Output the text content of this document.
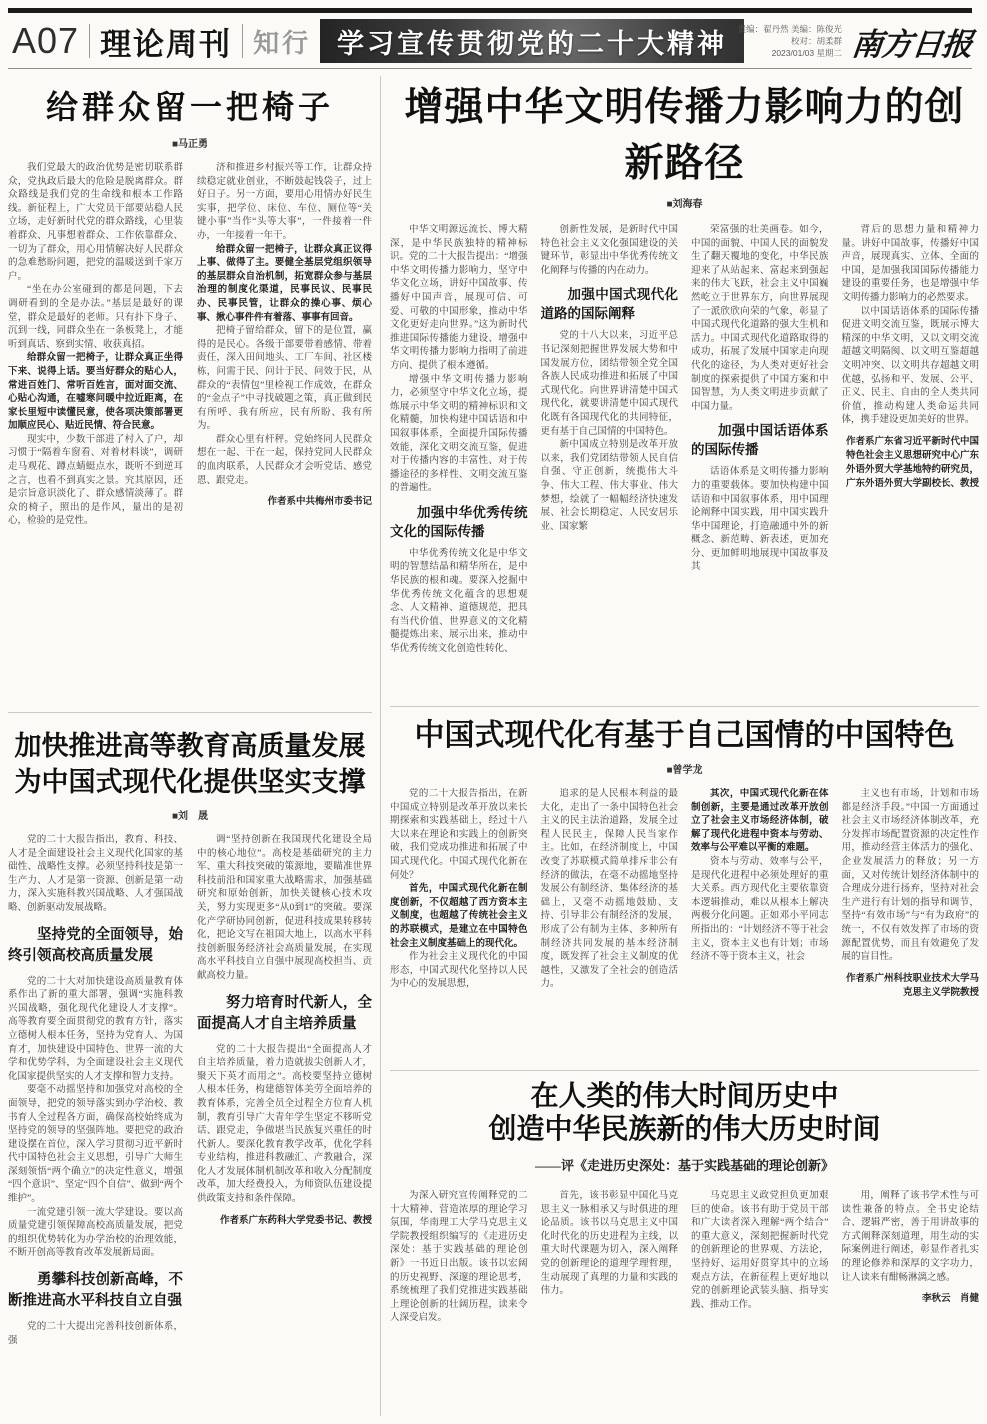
A07 理论周刊 知行 学习宣传贯彻党的二十大精神	责编：翟丹然 美编：陈俊光
校对：胡柔群
2023/01/03 星期二 南方日报
给群众留一把椅子
■马正勇
我们党最大的政治优势是密切联系群众，党执政后最大的危险是脱离群众。群众路线是我们党的生命线和根本工作路线。新征程上，广大党员干部要站稳人民立场，走好新时代党的群众路线，心里装着群众、凡事想着群众、工作依靠群众、一切为了群众，用心用情解决好人民群众的急难愁盼问题，把党的温暖送到千家万户。
“坐在办公室碰到的都是问题，下去调研看到的全是办法。”基层是最好的课堂，群众是最好的老师。只有扑下身子、沉到一线，同群众坐在一条板凳上，才能听到真话、察到实情、收获真招。
给群众留一把椅子，让群众真正坐得下来、说得上话。要当好群众的贴心人，常进百姓门、常听百姓言，面对面交流、心贴心沟通，在嘘寒问暖中拉近距离，在家长里短中读懂民意，使各项决策部署更加顺应民心、贴近民情、符合民意。
现实中，少数干部进了村入了户，却习惯于“隔着车窗看、对着材料谈”，调研走马观花、蹲点蜻蜓点水，既听不到逆耳之言，也看不到真实之景。究其原因，还是宗旨意识淡化了、群众感情淡薄了。群众的椅子，照出的是作风，量出的是初心，检验的是党性。
济和推进乡村振兴等工作，让群众持续稳定就业创业，不断鼓起钱袋子，过上好日子。另一方面，要用心用情办好民生实事，把学位、床位、车位、厕位等“关键小事”当作“头等大事”，一件接着一件办，一年接着一年干。
给群众留一把椅子，让群众真正议得上事、做得了主。要健全基层党组织领导的基层群众自治机制，拓宽群众参与基层治理的制度化渠道，民事民议、民事民办、民事民管，让群众的操心事、烦心事、揪心事件件有着落、事事有回音。
把椅子留给群众，留下的是位置，赢得的是民心。各级干部要带着感情、带着责任，深入田间地头、工厂车间、社区楼栋，问需于民、问计于民、问效于民，从群众的“表情包”里检视工作成效，在群众的“金点子”中寻找破题之策，真正做到民有所呼、我有所应，民有所盼、我有所为。
群众心里有杆秤。党始终同人民群众想在一起、干在一起，保持党同人民群众的血肉联系，人民群众才会听党话、感党恩、跟党走。
作者系中共梅州市委书记
增强中华文明传播力影响力的创新路径
■刘海春
中华文明源远流长、博大精深，是中华民族独特的精神标识。党的二十大报告提出：“增强中华文明传播力影响力，坚守中华文化立场，讲好中国故事、传播好中国声音，展现可信、可爱、可敬的中国形象，推动中华文化更好走向世界。”这为新时代推进国际传播能力建设、增强中华文明传播力影响力指明了前进方向、提供了根本遵循。
增强中华文明传播力影响力，必须坚守中华文化立场，提炼展示中华文明的精神标识和文化精髓，加快构建中国话语和中国叙事体系，全面提升国际传播效能，深化文明交流互鉴，促进对于传播内容的丰富性、对于传播途径的多样性、文明交流互鉴的普遍性。
加强中华优秀传统文化的国际传播
中华优秀传统文化是中华文明的智慧结晶和精华所在，是中华民族的根和魂。要深入挖掘中华优秀传统文化蕴含的思想观念、人文精神、道德规范，把具有当代价值、世界意义的文化精髓提炼出来、展示出来，推动中华优秀传统文化创造性转化、
创新性发展，是新时代中国特色社会主义文化强国建设的关键环节，彰显出中华优秀传统文化阐释与传播的内在动力。
加强中国式现代化道路的国际阐释
党的十八大以来，习近平总书记深刻把握世界发展大势和中国发展方位，团结带领全党全国各族人民成功推进和拓展了中国式现代化。向世界讲清楚中国式现代化，就要讲清楚中国式现代化既有各国现代化的共同特征，更有基于自己国情的中国特色。
新中国成立特别是改革开放以来，我们党团结带领人民自信自强、守正创新，统揽伟大斗争、伟大工程、伟大事业、伟大梦想，绘就了一幅幅经济快速发展、社会长期稳定、人民安居乐业、国家繁
荣富强的壮美画卷。如今，中国的面貌、中国人民的面貌发生了翻天覆地的变化，中华民族迎来了从站起来、富起来到强起来的伟大飞跃，社会主义中国巍然屹立于世界东方，向世界展现了一派欣欣向荣的气象，彰显了中国式现代化道路的强大生机和活力。中国式现代化道路取得的成功，拓展了发展中国家走向现代化的途径，为人类对更好社会制度的探索提供了中国方案和中国智慧，为人类文明进步贡献了中国力量。
加强中国话语体系的国际传播
话语体系是文明传播力影响力的重要载体。要加快构建中国话语和中国叙事体系，用中国理论阐释中国实践，用中国实践升华中国理论，打造融通中外的新概念、新范畴、新表述，更加充分、更加鲜明地展现中国故事及其
背后的思想力量和精神力量。讲好中国故事，传播好中国声音，展现真实、立体、全面的中国，是加强我国国际传播能力建设的重要任务，也是增强中华文明传播力影响力的必然要求。
以中国话语体系的国际传播促进文明交流互鉴，既展示博大精深的中华文明，又以文明交流超越文明隔阂、以文明互鉴超越文明冲突、以文明共存超越文明优越，弘扬和平、发展、公平、正义、民主、自由的全人类共同价值，推动构建人类命运共同体，携手建设更加美好的世界。
作者系广东省习近平新时代中国特色社会主义思想研究中心广东外语外贸大学基地特约研究员，广东外语外贸大学副校长、教授
中国式现代化有基于自己国情的中国特色
■曾学龙
党的二十大报告指出，在新中国成立特别是改革开放以来长期探索和实践基础上，经过十八大以来在理论和实践上的创新突破，我们党成功推进和拓展了中国式现代化。中国式现代化新在何处？
首先，中国式现代化新在制度创新，不仅超越了西方资本主义制度，也超越了传统社会主义的苏联模式，是建立在中国特色社会主义制度基础上的现代化。
作为社会主义现代化的中国形态，中国式现代化坚持以人民为中心的发展思想，
追求的是人民根本利益的最大化，走出了一条中国特色社会主义的民主法治道路，发展全过程人民民主，保障人民当家作主。比如，在经济制度上，中国改变了苏联模式简单排斥非公有经济的做法，在毫不动摇地坚持发展公有制经济、集体经济的基础上，又毫不动摇地鼓励、支持、引导非公有制经济的发展，形成了公有制为主体、多种所有制经济共同发展的基本经济制度，既发挥了社会主义制度的优越性，又激发了全社会的创造活力。
其次，中国式现代化新在体制创新，主要是通过改革开放创立了社会主义市场经济体制，破解了现代化进程中资本与劳动、效率与公平难以平衡的难题。
资本与劳动、效率与公平，是现代化进程中必须处理好的重大关系。西方现代化主要依靠资本逻辑推动，难以从根本上解决两极分化问题。正如邓小平同志所指出的：“计划经济不等于社会主义，资本主义也有计划；市场经济不等于资本主义，社会
主义也有市场，计划和市场都是经济手段。”中国一方面通过社会主义市场经济体制改革，充分发挥市场配置资源的决定性作用，推动经营主体活力的强化、企业发展活力的释放；另一方面，又对传统计划经济体制中的合理成分进行扬弃，坚持对社会生产进行有计划的指导和调节，坚持“有效市场”与“有为政府”的统一，不仅有效发挥了市场的资源配置优势，而且有效避免了发展的盲目性。
作者系广州科技职业技术大学马克思主义学院教授
加快推进高等教育高质量发展
为中国式现代化提供坚实支撑
■刘　晟
党的二十大报告指出，教育、科技、人才是全面建设社会主义现代化国家的基础性、战略性支撑。必须坚持科技是第一生产力、人才是第一资源、创新是第一动力，深入实施科教兴国战略、人才强国战略、创新驱动发展战略。
坚持党的全面领导，始终引领高校高质量发展
党的二十大对加快建设高质量教育体系作出了新的重大部署，强调“实施科教兴国战略，强化现代化建设人才支撑”。高等教育要全面贯彻党的教育方针，落实立德树人根本任务，坚持为党育人、为国育才，加快建设中国特色、世界一流的大学和优势学科，为全面建设社会主义现代化国家提供坚实的人才支撑和智力支持。
要毫不动摇坚持和加强党对高校的全面领导，把党的领导落实到办学治校、教书育人全过程各方面，确保高校始终成为坚持党的领导的坚强阵地。要把党的政治建设摆在首位，深入学习贯彻习近平新时代中国特色社会主义思想，引导广大师生深刻领悟“两个确立”的决定性意义，增强“四个意识”、坚定“四个自信”、做到“两个维护”。
一流党建引领一流大学建设。要以高质量党建引领保障高校高质量发展，把党的组织优势转化为办学治校的治理效能，不断开创高等教育改革发展新局面。
勇攀科技创新高峰，不断推进高水平科技自立自强
党的二十大提出完善科技创新体系，强
调“坚持创新在我国现代化建设全局中的核心地位”。高校是基础研究的主力军、重大科技突破的策源地，要瞄准世界科技前沿和国家重大战略需求，加强基础研究和原始创新，加快关键核心技术攻关，努力实现更多“从0到1”的突破。要深化产学研协同创新，促进科技成果转移转化，把论文写在祖国大地上，以高水平科技创新服务经济社会高质量发展，在实现高水平科技自立自强中展现高校担当、贡献高校力量。
努力培育时代新人，全面提高人才自主培养质量
党的二十大报告提出“全面提高人才自主培养质量，着力造就拔尖创新人才，聚天下英才而用之”。高校要坚持立德树人根本任务，构建德智体美劳全面培养的教育体系，完善全员全过程全方位育人机制，教育引导广大青年学生坚定不移听党话、跟党走，争做堪当民族复兴重任的时代新人。要深化教育教学改革，优化学科专业结构，推进科教融汇、产教融合，深化人才发展体制机制改革和收入分配制度改革，加大经费投入，为师资队伍建设提供政策支持和条件保障。
作者系广东药科大学党委书记、教授
在人类的伟大时间历史中
创造中华民族新的伟大历史时间
——评《走进历史深处：基于实践基础的理论创新》
为深入研究宣传阐释党的二十大精神、营造浓厚的理论学习氛围，华南理工大学马克思主义学院教授组织编写的《走进历史深处：基于实践基础的理论创新》一书近日出版。该书以宏阔的历史视野、深邃的理论思考，系统梳理了我们党推进实践基础上理论创新的壮阔历程，读来令人深受启发。
首先，该书彰显中国化马克思主义一脉相承又与时俱进的理论品质。该书以马克思主义中国化时代化的历史进程为主线，以重大时代课题为切入，深入阐释党的创新理论的道理学理哲理，生动展现了真理的力量和实践的伟力。
马克思主义政党担负更加艰巨的使命。该书有助于党员干部和广大读者深入理解“两个结合”的重大意义，深刻把握新时代党的创新理论的世界观、方法论，坚持好、运用好贯穿其中的立场观点方法，在新征程上更好地以党的创新理论武装头脑、指导实践、推动工作。
用，阐释了该书学术性与可读性兼备的特点。全书史论结合、逻辑严密，善于用讲故事的方式阐释深刻道理，用生动的实际案例进行阐述，彰显作者扎实的理论修养和深厚的文字功力，让人读来有酣畅淋漓之感。
李秋云　肖健
